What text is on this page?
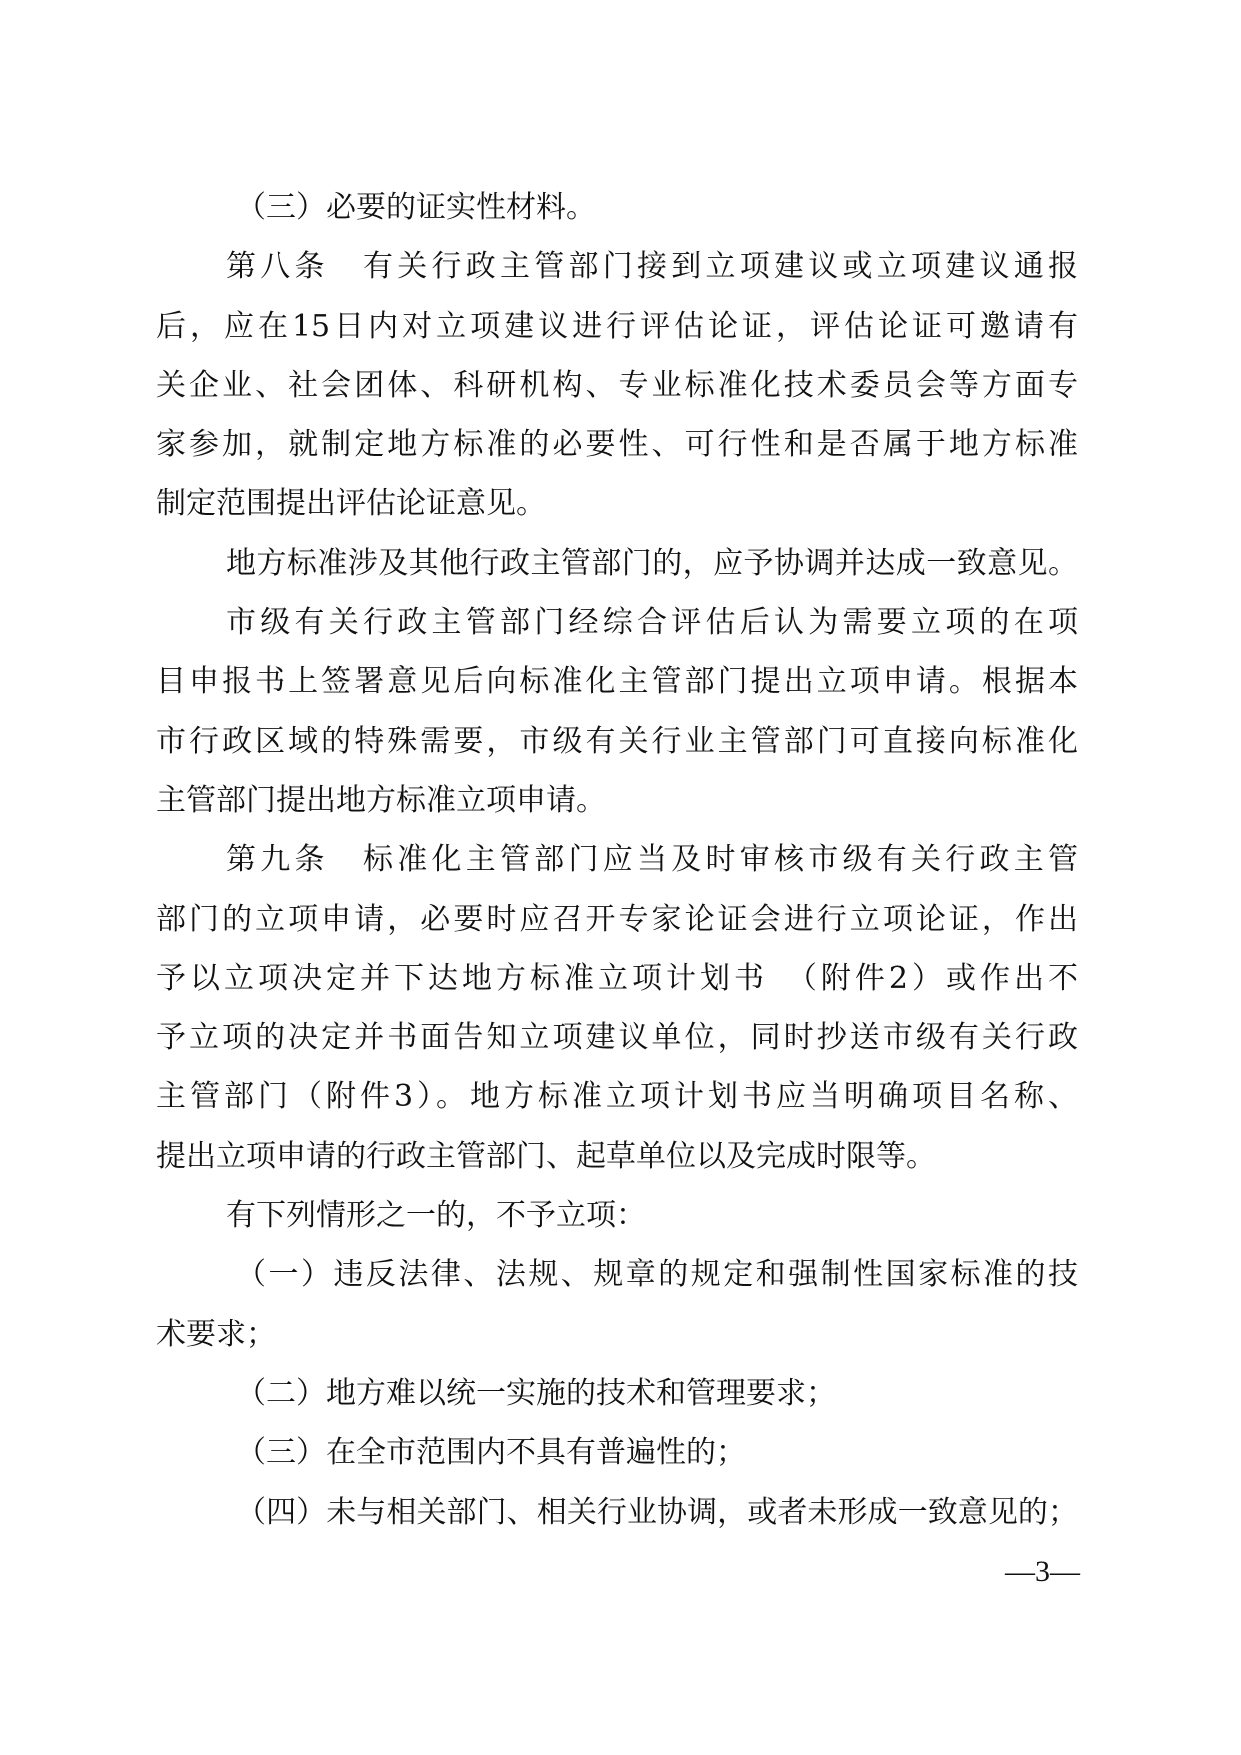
（三）必要的证实性材料。
第八条　有关行政主管部门接到立项建议或立项建议通报
后，应在15日内对立项建议进行评估论证，评估论证可邀请有
关企业、社会团体、科研机构、专业标准化技术委员会等方面专
家参加，就制定地方标准的必要性、可行性和是否属于地方标准
制定范围提出评估论证意见。
地方标准涉及其他行政主管部门的，应予协调并达成一致意见。
市级有关行政主管部门经综合评估后认为需要立项的在项
目申报书上签署意见后向标准化主管部门提出立项申请。根据本
市行政区域的特殊需要，市级有关行业主管部门可直接向标准化
主管部门提出地方标准立项申请。
第九条　标准化主管部门应当及时审核市级有关行政主管
部门的立项申请，必要时应召开专家论证会进行立项论证，作出
予以立项决定并下达地方标准立项计划书　（附件2）或作出不
予立项的决定并书面告知立项建议单位，同时抄送市级有关行政
主管部门（附件3）。地方标准立项计划书应当明确项目名称、
提出立项申请的行政主管部门、起草单位以及完成时限等。
有下列情形之一的，不予立项：
（一）违反法律、法规、规章的规定和强制性国家标准的技
术要求；
（二）地方难以统一实施的技术和管理要求；
（三）在全市范围内不具有普遍性的；
（四）未与相关部门、相关行业协调，或者未形成一致意见的；
—3—
